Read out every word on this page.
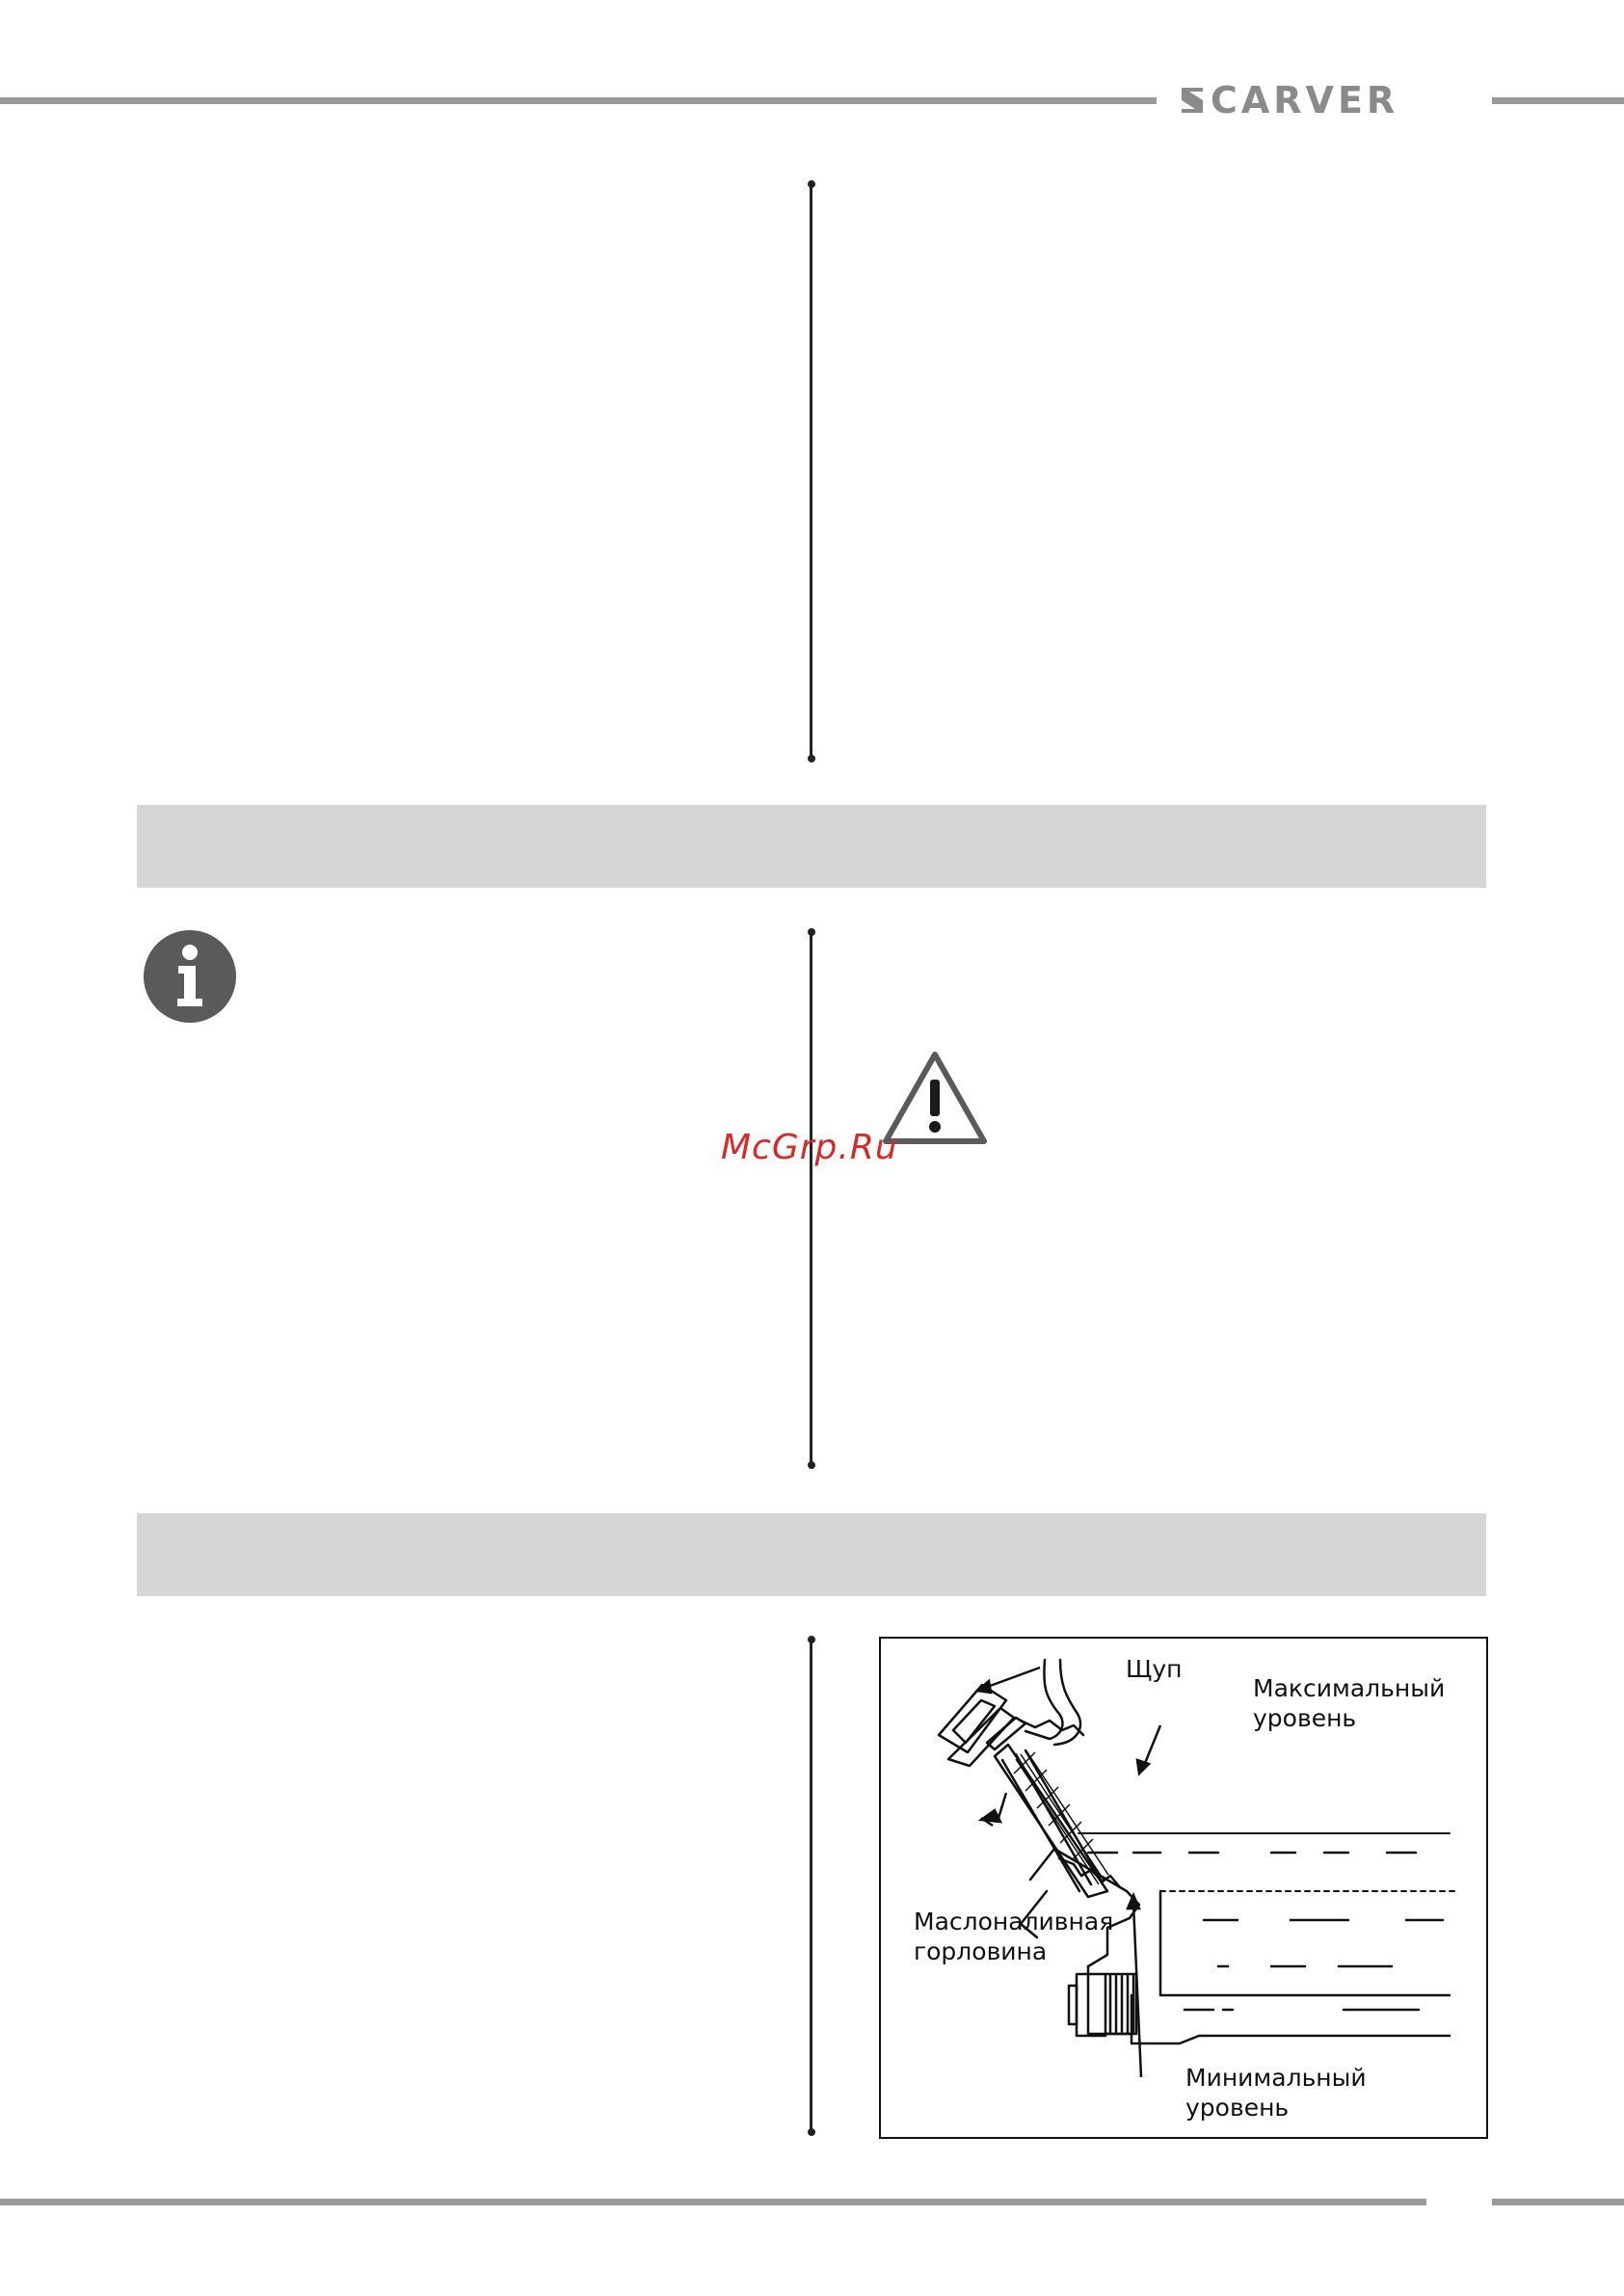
CARVER
McGrp.Ru
Щуп
Максимальный
уровень
Маслоналивная
горловина
Минимальный
уровень
